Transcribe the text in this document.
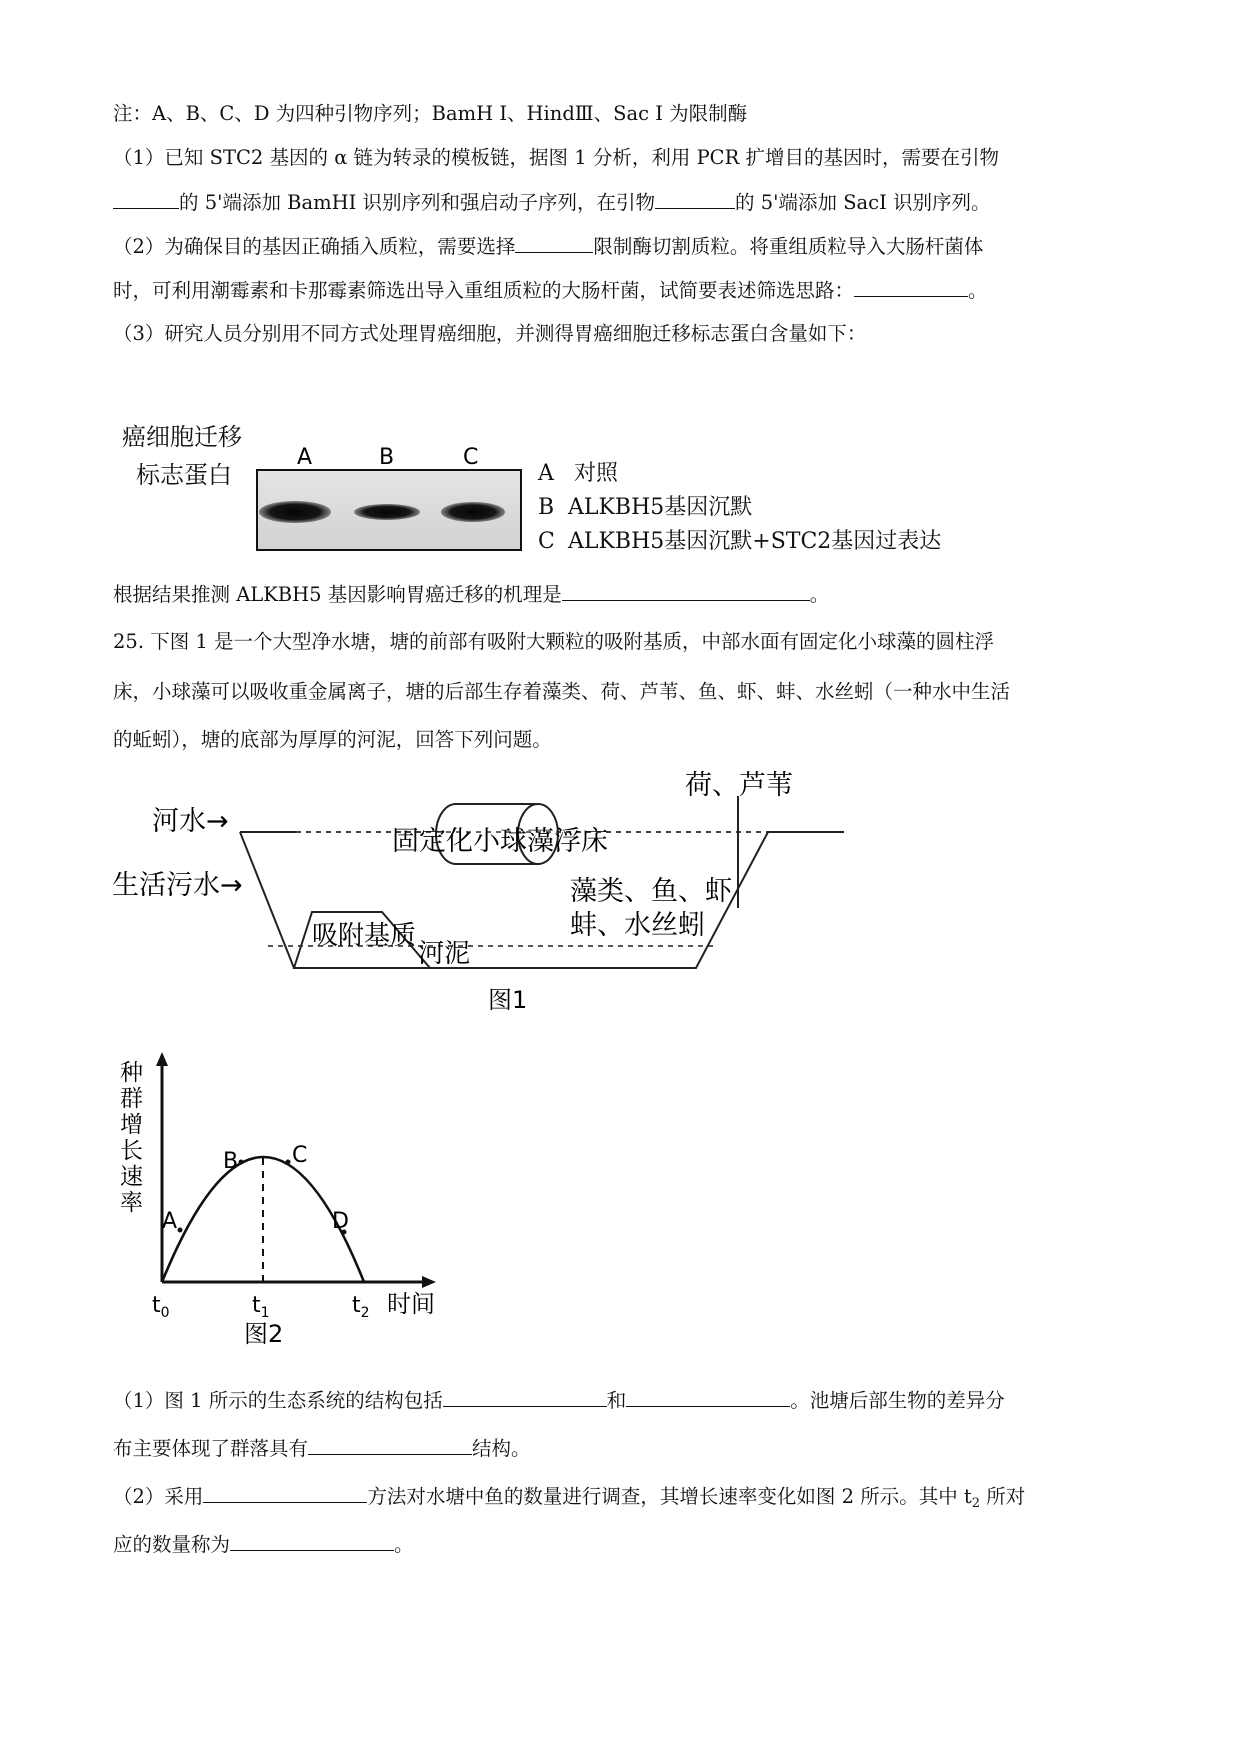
注：A、B、C、D 为四种引物序列；BamH Ⅰ、HindⅢ、Sac Ⅰ 为限制酶
（1）已知 STC2 基因的 α 链为转录的模板链，据图 1 分析，利用 PCR 扩增目的基因时，需要在引物
的 5'端添加 BamHI 识别序列和强启动子序列，在引物	的 5'端添加 SacI 识别序列。
（2）为确保目的基因正确插入质粒，需要选择	限制酶切割质粒。将重组质粒导入大肠杆菌体
时，可利用潮霉素和卡那霉素筛选出导入重组质粒的大肠杆菌，试简要表述筛选思路：	。
（3）研究人员分别用不同方式处理胃癌细胞，并测得胃癌细胞迁移标志蛋白含量如下：
癌细胞迁移
标志蛋白
A	B	C
A 对照
B ALKBH5基因沉默
C ALKBH5基因沉默+STC2基因过表达
根据结果推测 ALKBH5 基因影响胃癌迁移的机理是	。
25. 下图 1 是一个大型净水塘，塘的前部有吸附大颗粒的吸附基质，中部水面有固定化小球藻的圆柱浮
床，小球藻可以吸收重金属离子，塘的后部生存着藻类、荷、芦苇、鱼、虾、蚌、水丝蚓（一种水中生活
的蚯蚓），塘的底部为厚厚的河泥，回答下列问题。
河水→
生活污水→
荷、芦苇
固定化小球藻浮床
藻类、鱼、虾
蚌、水丝蚓
吸附基质
河泥
图1
种
群
增
长
速
率
时间
A
B C
D
$t_0$	$t_1$	$t_2$
图2
（1）图 1 所示的生态系统的结构包括	和	。池塘后部生物的差异分
布主要体现了群落具有	结构。
（2）采用	方法对水塘中鱼的数量进行调查，其增长速率变化如图 2 所示。其中 $t_2$ 所对
应的数量称为	。
